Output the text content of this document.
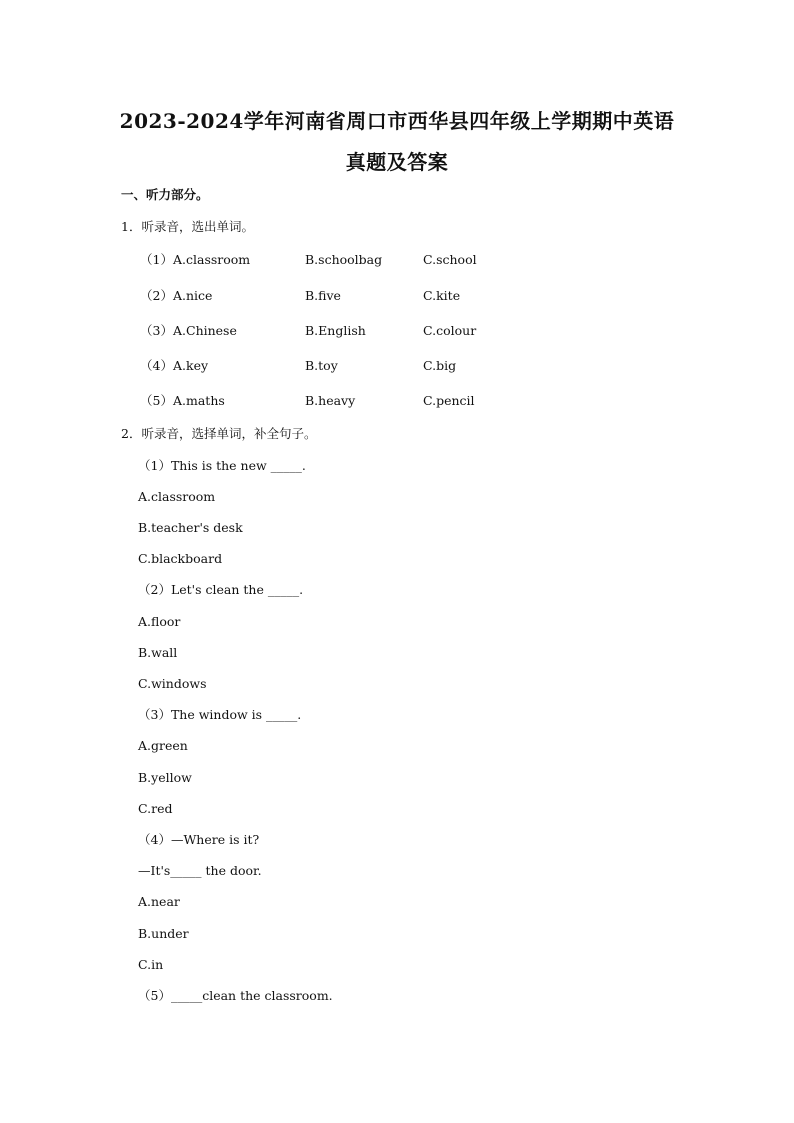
2023-2024学年河南省周口市西华县四年级上学期期中英语
真题及答案
一、听力部分。
1．听录音，选出单词。
（1） A.classroom	B.schoolbag	C.school
（2） A.nice	B.five	C.kite
（3） A.Chinese	B.English	C.colour
（4） A.key	B.toy	C.big
（5） A.maths	B.heavy	C.pencil
2．听录音，选择单词，补全句子。
（1）This is the new _____.
A.classroom
B.teacher's desk
C.blackboard
（2）Let's clean the _____.
A.floor
B.wall
C.windows
（3）The window is _____.
A.green
B.yellow
C.red
（4）—Where is it?
—It's_____ the door.
A.near
B.under
C.in
（5）_____clean the classroom.
